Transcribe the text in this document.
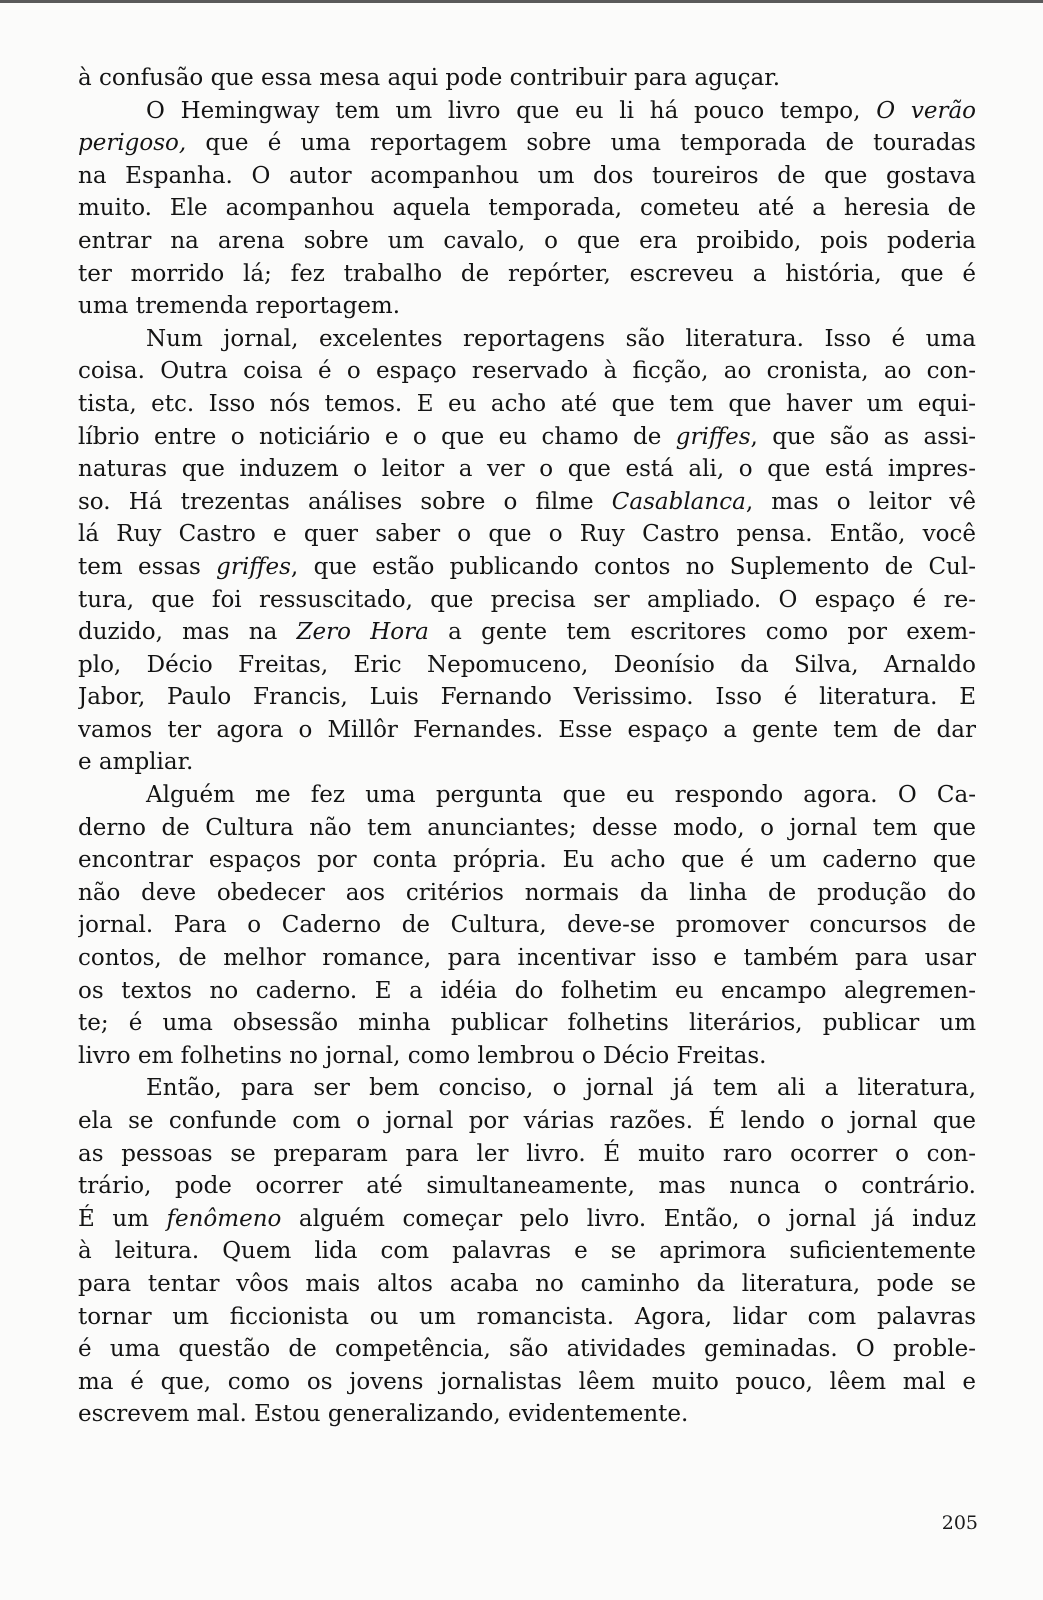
à confusão que essa mesa aqui pode contribuir para aguçar.
O Hemingway tem um livro que eu li há pouco tempo, O verão
perigoso, que é uma reportagem sobre uma temporada de touradas
na Espanha. O autor acompanhou um dos toureiros de que gostava
muito. Ele acompanhou aquela temporada, cometeu até a heresia de
entrar na arena sobre um cavalo, o que era proibido, pois poderia
ter morrido lá; fez trabalho de repórter, escreveu a história, que é
uma tremenda reportagem.
Num jornal, excelentes reportagens são literatura. Isso é uma
coisa. Outra coisa é o espaço reservado à ficção, ao cronista, ao con-
tista, etc. Isso nós temos. E eu acho até que tem que haver um equi-
líbrio entre o noticiário e o que eu chamo de griffes, que são as assi-
naturas que induzem o leitor a ver o que está ali, o que está impres-
so. Há trezentas análises sobre o filme Casablanca, mas o leitor vê
lá Ruy Castro e quer saber o que o Ruy Castro pensa. Então, você
tem essas griffes, que estão publicando contos no Suplemento de Cul-
tura, que foi ressuscitado, que precisa ser ampliado. O espaço é re-
duzido, mas na Zero Hora a gente tem escritores como por exem-
plo, Décio Freitas, Eric Nepomuceno, Deonísio da Silva, Arnaldo
Jabor, Paulo Francis, Luis Fernando Verissimo. Isso é literatura. E
vamos ter agora o Millôr Fernandes. Esse espaço a gente tem de dar
e ampliar.
Alguém me fez uma pergunta que eu respondo agora. O Ca-
derno de Cultura não tem anunciantes; desse modo, o jornal tem que
encontrar espaços por conta própria. Eu acho que é um caderno que
não deve obedecer aos critérios normais da linha de produção do
jornal. Para o Caderno de Cultura, deve-se promover concursos de
contos, de melhor romance, para incentivar isso e também para usar
os textos no caderno. E a idéia do folhetim eu encampo alegremen-
te; é uma obsessão minha publicar folhetins literários, publicar um
livro em folhetins no jornal, como lembrou o Décio Freitas.
Então, para ser bem conciso, o jornal já tem ali a literatura,
ela se confunde com o jornal por várias razões. É lendo o jornal que
as pessoas se preparam para ler livro. É muito raro ocorrer o con-
trário, pode ocorrer até simultaneamente, mas nunca o contrário.
É um fenômeno alguém começar pelo livro. Então, o jornal já induz
à leitura. Quem lida com palavras e se aprimora suficientemente
para tentar vôos mais altos acaba no caminho da literatura, pode se
tornar um ficcionista ou um romancista. Agora, lidar com palavras
é uma questão de competência, são atividades geminadas. O proble-
ma é que, como os jovens jornalistas lêem muito pouco, lêem mal e
escrevem mal. Estou generalizando, evidentemente.
205
